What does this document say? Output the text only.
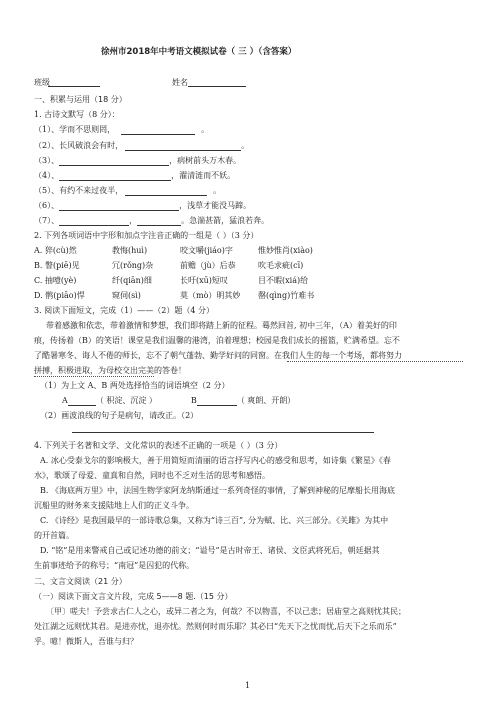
徐州市2018年中考语文模拟试卷（ 三 ）（含答案）
班级	姓名
一、积累与运用（18 分）
1. 古诗文默写（8 分）：
（1）、学而不思则罔，	。
（2）、长风破浪会有时，	。
（3）、	，病树前头万木春。
（4）、	，濯清涟而不妖。
（5）、有约不来过夜半，	。
（6）、	，浅草才能没马蹄。
（7）、	，	。急湍甚箭，猛浪若奔。
2. 下列各项词语中字形和加点字注音正确的一组是（ ）（3 分）
A. 猝(cù)然	教悔(huì)	咬文嚼(jiáo)字	惟妙惟肖(xiào)
B. 瞥(piē)见	冗(rǒng)杂	前赡（jù）后恭	吹毛求疵(cī)
C. 抽噎(yè)	纤(qiān)细	长吁(xū)短叹	目不暇(xiá)给
D. 鹘(piāo)悍	窥伺(sì)	莫（mò）明其妙 罄(qìng)竹难书
3. 阅读下面短文，完成（1）——（2）题（4 分）
带着感激和依恋，带着激情和梦想，我们即将踏上新的征程。蓦然回首, 初中三年，（A）着美好的印
痕，传扬着（B）的笑语！课堂是我们温馨的港湾，泊着理想；校园是我们成长的摇篮，贮满希望。忘不
了酷暑寒冬、诲人不倦的师长，忘不了朝气蓬勃、勤学好问的同窗。在我们人生的每一个考场，都将努力
拼搏，积极进取，为母校交出完美的答卷！
（1）为上文 A、B 两处选择恰当的词语填空（2 分）
A	（ 积淀、沉淀 ）	B	（ 爽朗、开朗）
（2）画波浪线的句子是病句，请改正。（2）
4. 下列关于名著和文学、文化常识的表述不正确的一项是（ ）（3 分）
A. 冰心受泰戈尔的影响极大，善于用简短而清丽的语言抒写内心的感受和思考，如诗集《繁星》《春
水》，歌颂了母爱、童真和自然，同时也不乏对生活的思考和感悟。
B. 《海底两万里》中，法国生物学家阿龙纳斯通过一系列奇怪的事情，了解到神秘的尼摩船长用海底
沉船里的财务来支援陆地上人们的正义斗争。
C. 《诗经》是我国最早的一部诗歌总集，又称为“诗三百”, 分为赋、比、兴三部分。《关雎》为其中
的开首篇。
D. “铭”是用来警戒自己或记述功德的前文；“谥号”是古时帝王、诸侯、文臣武将死后，朝廷据其
生前事迹给予的称号；“南冠”是囚犯的代称。
二、文言文阅读（21 分）
（一）阅读下面文言文片段，完成 5——8 题.（15 分）
〔甲〕嗟夫！予尝求古仁人之心，或异二者之为，何哉？不以物喜，不以己悲；居庙堂之高则忧其民；
处江湖之远则忧其君。是进亦忧，退亦忧。然则何时而乐耶？其必曰“先天下之忧而忧,后天下之乐而乐”
乎。噫！微斯人，吾谁与归？
1
